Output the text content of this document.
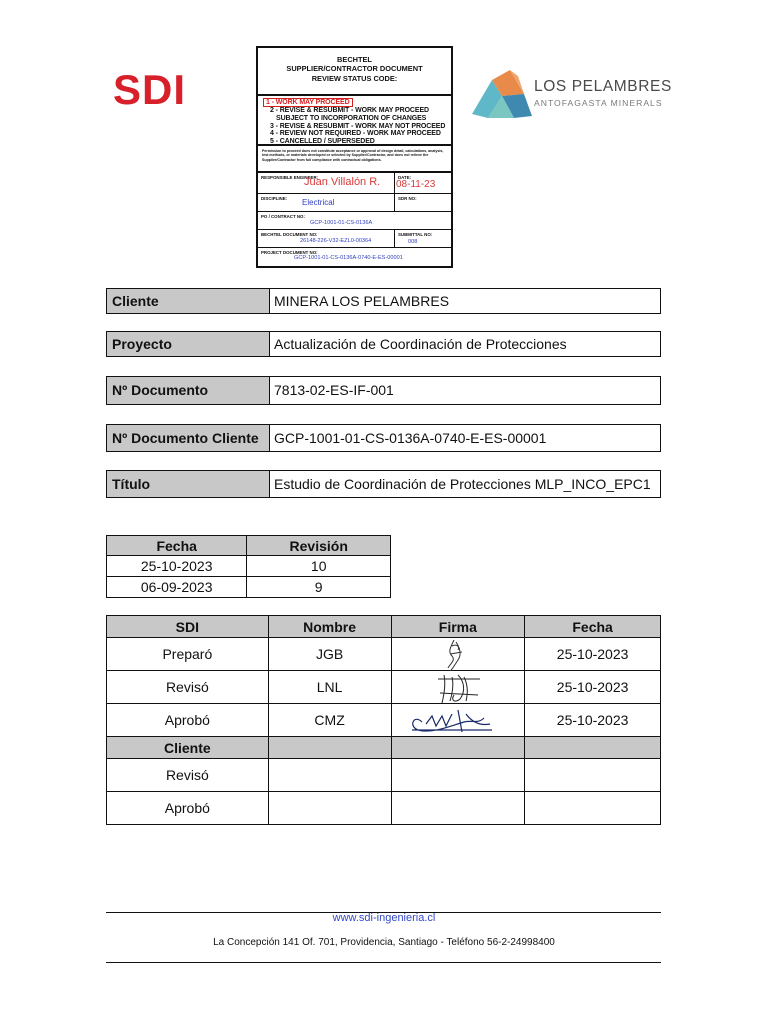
SDI
BECHTEL
SUPPLIER/CONTRACTOR DOCUMENT
REVIEW STATUS CODE:
1 - WORK MAY PROCEED
2 - REVISE & RESUBMIT - WORK MAY PROCEED
SUBJECT TO INCORPORATION OF CHANGES
3 - REVISE & RESUBMIT - WORK MAY NOT PROCEED
4 - REVIEW NOT REQUIRED - WORK MAY PROCEED
5 - CANCELLED / SUPERSEDED
Permission to proceed does not constitute acceptance or approval of design detail, calculations, analysis, test methods, or materials developed or selected by Supplier/Contractor, and does not relieve the Supplier/Contractor from full compliance with contractual obligations.
RESPONSIBLE ENGINEER:
Juan Villalón R.	DATE:
08-11-23
DISCIPLINE: Electrical	SDR NO:
PO / CONTRACT NO:
GCP-1001-01-CS-0136A
BECHTEL DOCUMENT NO:
26148-226-V32-EZL0-00364
SUBMITTAL NO:
008
PROJECT DOCUMENT NO:
GCP-1001-01-CS-0136A-0740-E-ES-00001
LOS PELAMBRES
ANTOFAGASTA MINERALS
Cliente	MINERA LOS PELAMBRES
Proyecto	Actualización de Coordinación de Protecciones
Nº Documento	7813-02-ES-IF-001
Nº Documento Cliente	GCP-1001-01-CS-0136A-0740-E-ES-00001
Título	Estudio de Coordinación de Protecciones MLP_INCO_EPC1
Fecha	Revisión
25-10-2023	10
06-09-2023	9
SDI	Nombre	Firma	Fecha
Preparó	JGB		25-10-2023
Revisó	LNL		25-10-2023
Aprobó	CMZ		25-10-2023
Cliente			
Revisó			
Aprobó			
www.sdi-ingenieria.cl
La Concepción 141 Of. 701, Providencia, Santiago - Teléfono 56-2-24998400
